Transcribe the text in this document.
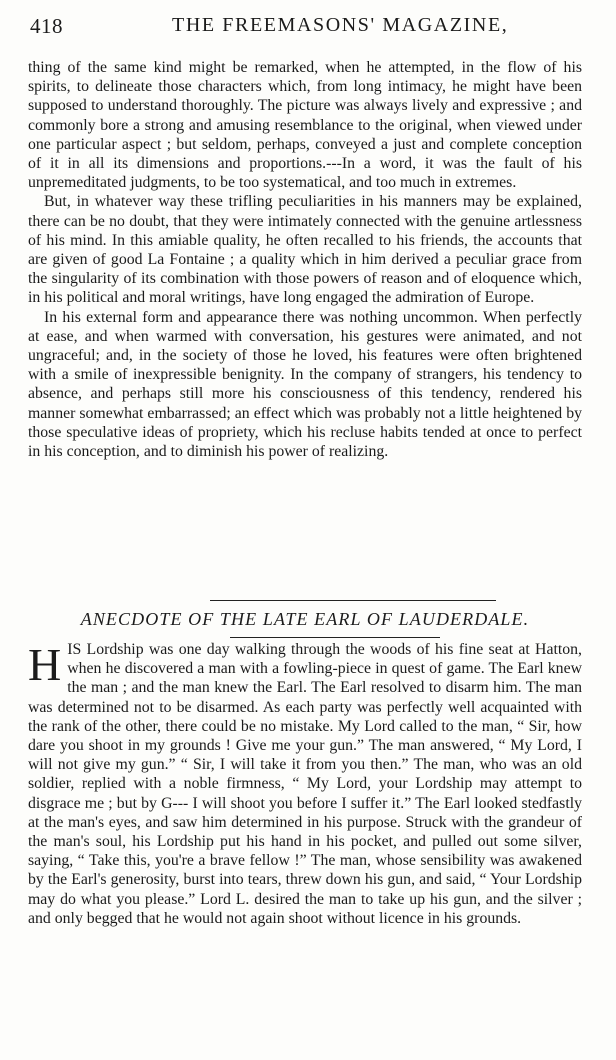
418	THE FREEMASONS' MAGAZINE,

thing of the same kind might be remarked, when he attempted, in the flow of his spirits, to delineate those characters which, from long intimacy, he might have been supposed to understand thoroughly. The picture was always lively and expressive ; and commonly bore a strong and amusing resemblance to the original, when viewed under one particular aspect ; but seldom, perhaps, conveyed a just and complete conception of it in all its dimensions and proportions.---In a word, it was the fault of his unpremeditated judgments, to be too systematical, and too much in extremes.

But, in whatever way these trifling peculiarities in his manners may be explained, there can be no doubt, that they were intimately connected with the genuine artlessness of his mind. In this amiable quality, he often recalled to his friends, the accounts that are given of good La Fontaine ; a quality which in him derived a peculiar grace from the singularity of its combination with those powers of reason and of eloquence which, in his political and moral writings, have long engaged the admiration of Europe.

In his external form and appearance there was nothing uncommon. When perfectly at ease, and when warmed with conversation, his gestures were animated, and not ungraceful; and, in the society of those he loved, his features were often brightened with a smile of inexpressible benignity. In the company of strangers, his tendency to absence, and perhaps still more his consciousness of this tendency, rendered his manner somewhat embarrassed; an effect which was probably not a little heightened by those speculative ideas of propriety, which his recluse habits tended at once to perfect in his conception, and to diminish his power of realizing.

ANECDOTE OF THE LATE EARL OF LAUDERDALE.

HIS Lordship was one day walking through the woods of his fine seat at Hatton, when he discovered a man with a fowling-piece in quest of game. The Earl knew the man ; and the man knew the Earl. The Earl resolved to disarm him. The man was determined not to be disarmed. As each party was perfectly well acquainted with the rank of the other, there could be no mistake. My Lord called to the man, “ Sir, how dare you shoot in my grounds ! Give me your gun.” The man answered, “ My Lord, I will not give my gun.” “ Sir, I will take it from you then.” The man, who was an old soldier, replied with a noble firmness, “ My Lord, your Lordship may attempt to disgrace me ; but by G--- I will shoot you before I suffer it.” The Earl looked stedfastly at the man's eyes, and saw him determined in his purpose. Struck with the grandeur of the man's soul, his Lordship put his hand in his pocket, and pulled out some silver, saying, “ Take this, you're a brave fellow !” The man, whose sensibility was awakened by the Earl's generosity, burst into tears, threw down his gun, and said, “ Your Lordship may do what you please.” Lord L. desired the man to take up his gun, and the silver ; and only begged that he would not again shoot without licence in his grounds.
